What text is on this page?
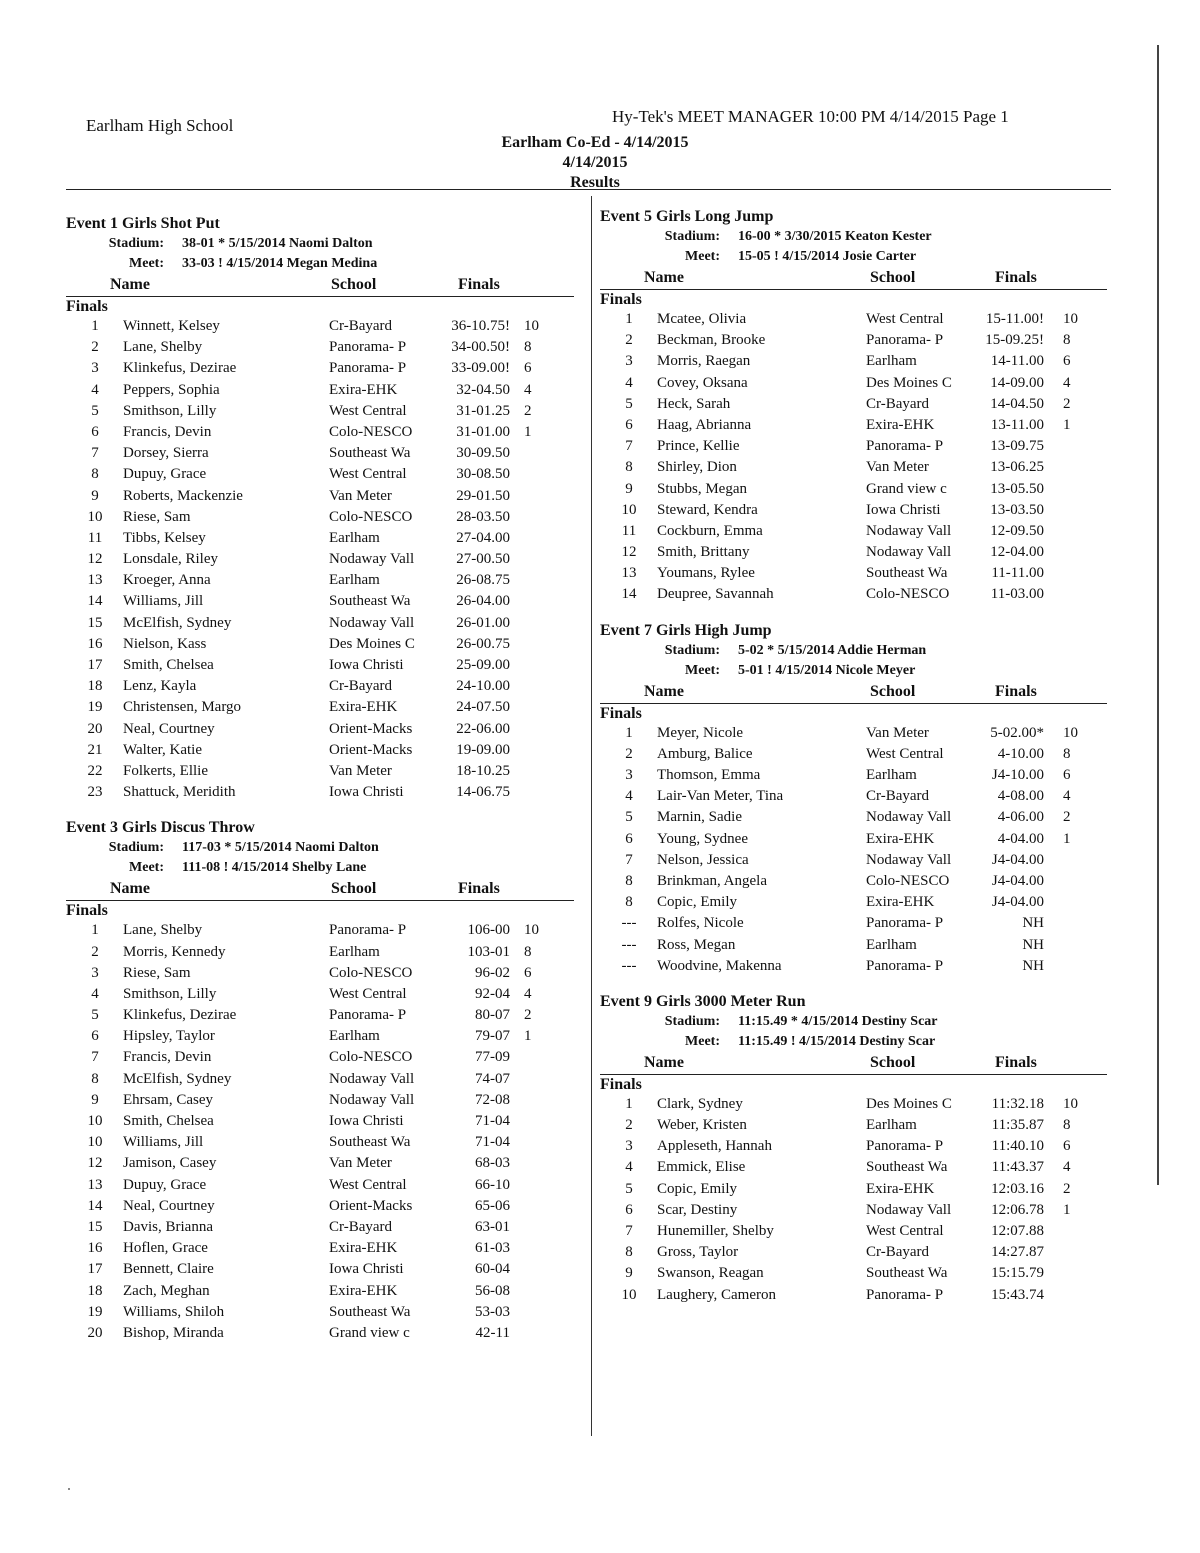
Earlham High School	Hy-Tek's MEET MANAGER 10:00 PM 4/14/2015 Page 1
Earlham Co-Ed - 4/14/2015
4/14/2015
Results
Event 1 Girls Shot Put
Stadium: 38-01 * 5/15/2014 Naomi Dalton
Meet: 33-03 ! 4/15/2014 Megan Medina
Name	School	Finals
Finals
1	Winnett, Kelsey	Cr-Bayard	36-10.75! 10
2	Lane, Shelby	Panorama- P	34-00.50! 8
3	Klinkefus, Dezirae	Panorama- P	33-09.00! 6
4	Peppers, Sophia	Exira-EHK	32-04.50 4
5	Smithson, Lilly	West Central	31-01.25 2
6	Francis, Devin	Colo-NESCO	31-01.00 1
7	Dorsey, Sierra	Southeast Wa	30-09.50
8	Dupuy, Grace	West Central	30-08.50
9	Roberts, Mackenzie	Van Meter	29-01.50
10	Riese, Sam	Colo-NESCO	28-03.50
11	Tibbs, Kelsey	Earlham	27-04.00
12	Lonsdale, Riley	Nodaway Vall	27-00.50
13	Kroeger, Anna	Earlham	26-08.75
14	Williams, Jill	Southeast Wa	26-04.00
15	McElfish, Sydney	Nodaway Vall	26-01.00
16	Nielson, Kass	Des Moines C	26-00.75
17	Smith, Chelsea	Iowa Christi	25-09.00
18	Lenz, Kayla	Cr-Bayard	24-10.00
19	Christensen, Margo	Exira-EHK	24-07.50
20	Neal, Courtney	Orient-Macks	22-06.00
21	Walter, Katie	Orient-Macks	19-09.00
22	Folkerts, Ellie	Van Meter	18-10.25
23	Shattuck, Meridith	Iowa Christi	14-06.75
Event 3 Girls Discus Throw
Stadium: 117-03 * 5/15/2014 Naomi Dalton
Meet: 111-08 ! 4/15/2014 Shelby Lane
Name	School	Finals
Finals
1	Lane, Shelby	Panorama- P	106-00 10
2	Morris, Kennedy	Earlham	103-01 8
3	Riese, Sam	Colo-NESCO	96-02 6
4	Smithson, Lilly	West Central	92-04 4
5	Klinkefus, Dezirae	Panorama- P	80-07 2
6	Hipsley, Taylor	Earlham	79-07 1
7	Francis, Devin	Colo-NESCO	77-09
8	McElfish, Sydney	Nodaway Vall	74-07
9	Ehrsam, Casey	Nodaway Vall	72-08
10	Smith, Chelsea	Iowa Christi	71-04
10	Williams, Jill	Southeast Wa	71-04
12	Jamison, Casey	Van Meter	68-03
13	Dupuy, Grace	West Central	66-10
14	Neal, Courtney	Orient-Macks	65-06
15	Davis, Brianna	Cr-Bayard	63-01
16	Hoflen, Grace	Exira-EHK	61-03
17	Bennett, Claire	Iowa Christi	60-04
18	Zach, Meghan	Exira-EHK	56-08
19	Williams, Shiloh	Southeast Wa	53-03
20	Bishop, Miranda	Grand view c	42-11
Event 5 Girls Long Jump
Stadium: 16-00 * 3/30/2015 Keaton Kester
Meet: 15-05 ! 4/15/2014 Josie Carter
Name	School	Finals
Finals
1	Mcatee, Olivia	West Central	15-11.00! 10
2	Beckman, Brooke	Panorama- P	15-09.25! 8
3	Morris, Raegan	Earlham	14-11.00 6
4	Covey, Oksana	Des Moines C	14-09.00 4
5	Heck, Sarah	Cr-Bayard	14-04.50 2
6	Haag, Abrianna	Exira-EHK	13-11.00 1
7	Prince, Kellie	Panorama- P	13-09.75
8	Shirley, Dion	Van Meter	13-06.25
9	Stubbs, Megan	Grand view c	13-05.50
10	Steward, Kendra	Iowa Christi	13-03.50
11	Cockburn, Emma	Nodaway Vall	12-09.50
12	Smith, Brittany	Nodaway Vall	12-04.00
13	Youmans, Rylee	Southeast Wa	11-11.00
14	Deupree, Savannah	Colo-NESCO	11-03.00
Event 7 Girls High Jump
Stadium: 5-02 * 5/15/2014 Addie Herman
Meet: 5-01 ! 4/15/2014 Nicole Meyer
Name	School	Finals
Finals
1	Meyer, Nicole	Van Meter	5-02.00* 10
2	Amburg, Balice	West Central	4-10.00 8
3	Thomson, Emma	Earlham	J4-10.00 6
4	Lair-Van Meter, Tina	Cr-Bayard	4-08.00 4
5	Marnin, Sadie	Nodaway Vall	4-06.00 2
6	Young, Sydnee	Exira-EHK	4-04.00 1
7	Nelson, Jessica	Nodaway Vall	J4-04.00
8	Brinkman, Angela	Colo-NESCO	J4-04.00
8	Copic, Emily	Exira-EHK	J4-04.00
---	Rolfes, Nicole	Panorama- P	NH
---	Ross, Megan	Earlham	NH
---	Woodvine, Makenna	Panorama- P	NH
Event 9 Girls 3000 Meter Run
Stadium: 11:15.49 * 4/15/2014 Destiny Scar
Meet: 11:15.49 ! 4/15/2014 Destiny Scar
Name	School	Finals
Finals
1	Clark, Sydney	Des Moines C	11:32.18 10
2	Weber, Kristen	Earlham	11:35.87 8
3	Appleseth, Hannah	Panorama- P	11:40.10 6
4	Emmick, Elise	Southeast Wa	11:43.37 4
5	Copic, Emily	Exira-EHK	12:03.16 2
6	Scar, Destiny	Nodaway Vall	12:06.78 1
7	Hunemiller, Shelby	West Central	12:07.88
8	Gross, Taylor	Cr-Bayard	14:27.87
9	Swanson, Reagan	Southeast Wa	15:15.79
10	Laughery, Cameron	Panorama- P	15:43.74
